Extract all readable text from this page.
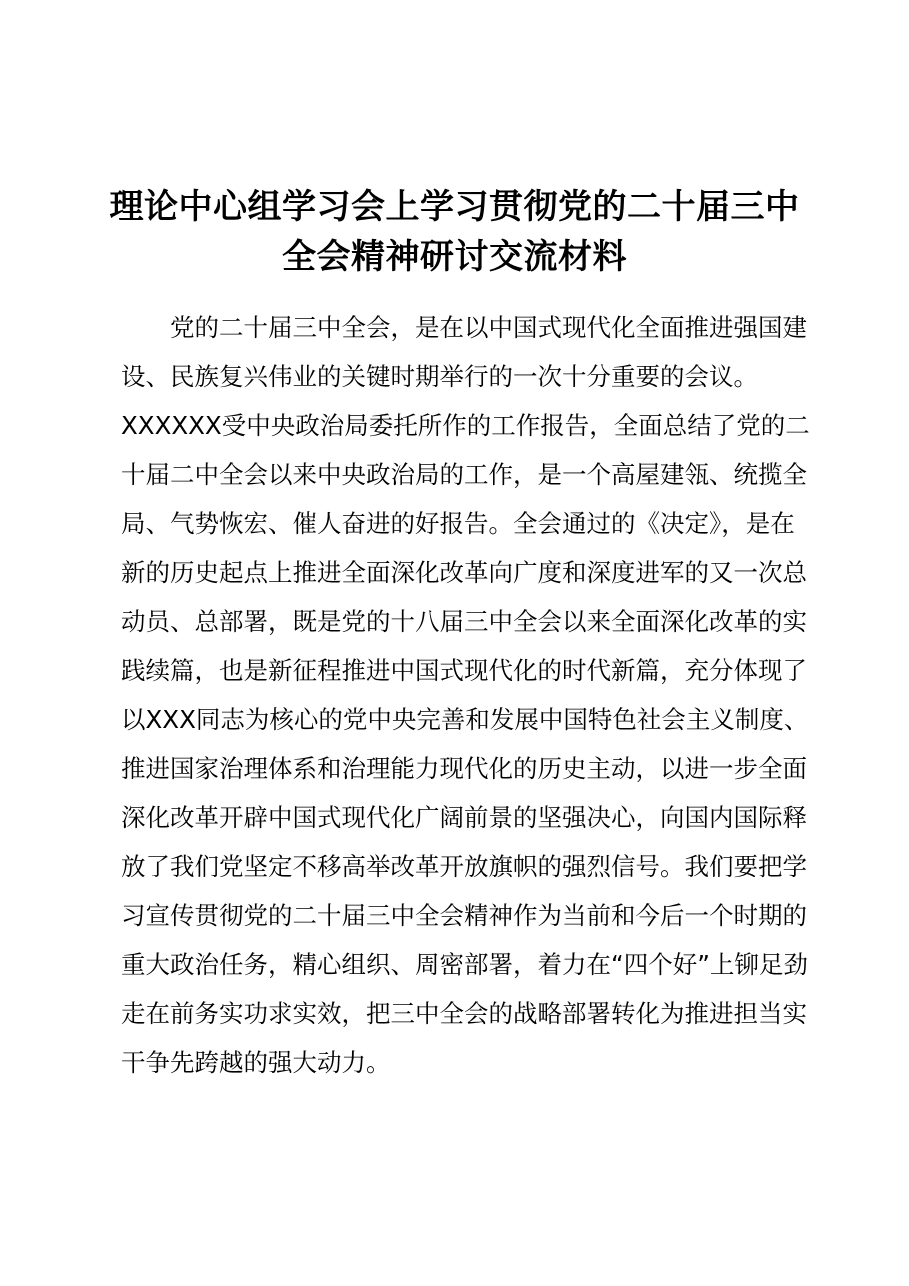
理论中心组学习会上学习贯彻党的二十届三中
全会精神研讨交流材料
党的二十届三中全会，是在以中国式现代化全面推进强国建
设、民族复兴伟业的关键时期举行的一次十分重要的会议。
XXXXXX受中央政治局委托所作的工作报告，全面总结了党的二
十届二中全会以来中央政治局的工作，是一个高屋建瓴、统揽全
局、气势恢宏、催人奋进的好报告。全会通过的《决定》，是在
新的历史起点上推进全面深化改革向广度和深度进军的又一次总
动员、总部署，既是党的十八届三中全会以来全面深化改革的实
践续篇，也是新征程推进中国式现代化的时代新篇，充分体现了
以XXX同志为核心的党中央完善和发展中国特色社会主义制度、
推进国家治理体系和治理能力现代化的历史主动，以进一步全面
深化改革开辟中国式现代化广阔前景的坚强决心，向国内国际释
放了我们党坚定不移高举改革开放旗帜的强烈信号。我们要把学
习宣传贯彻党的二十届三中全会精神作为当前和今后一个时期的
重大政治任务，精心组织、周密部署，着力在“四个好”上铆足劲
走在前务实功求实效，把三中全会的战略部署转化为推进担当实
干争先跨越的强大动力。
